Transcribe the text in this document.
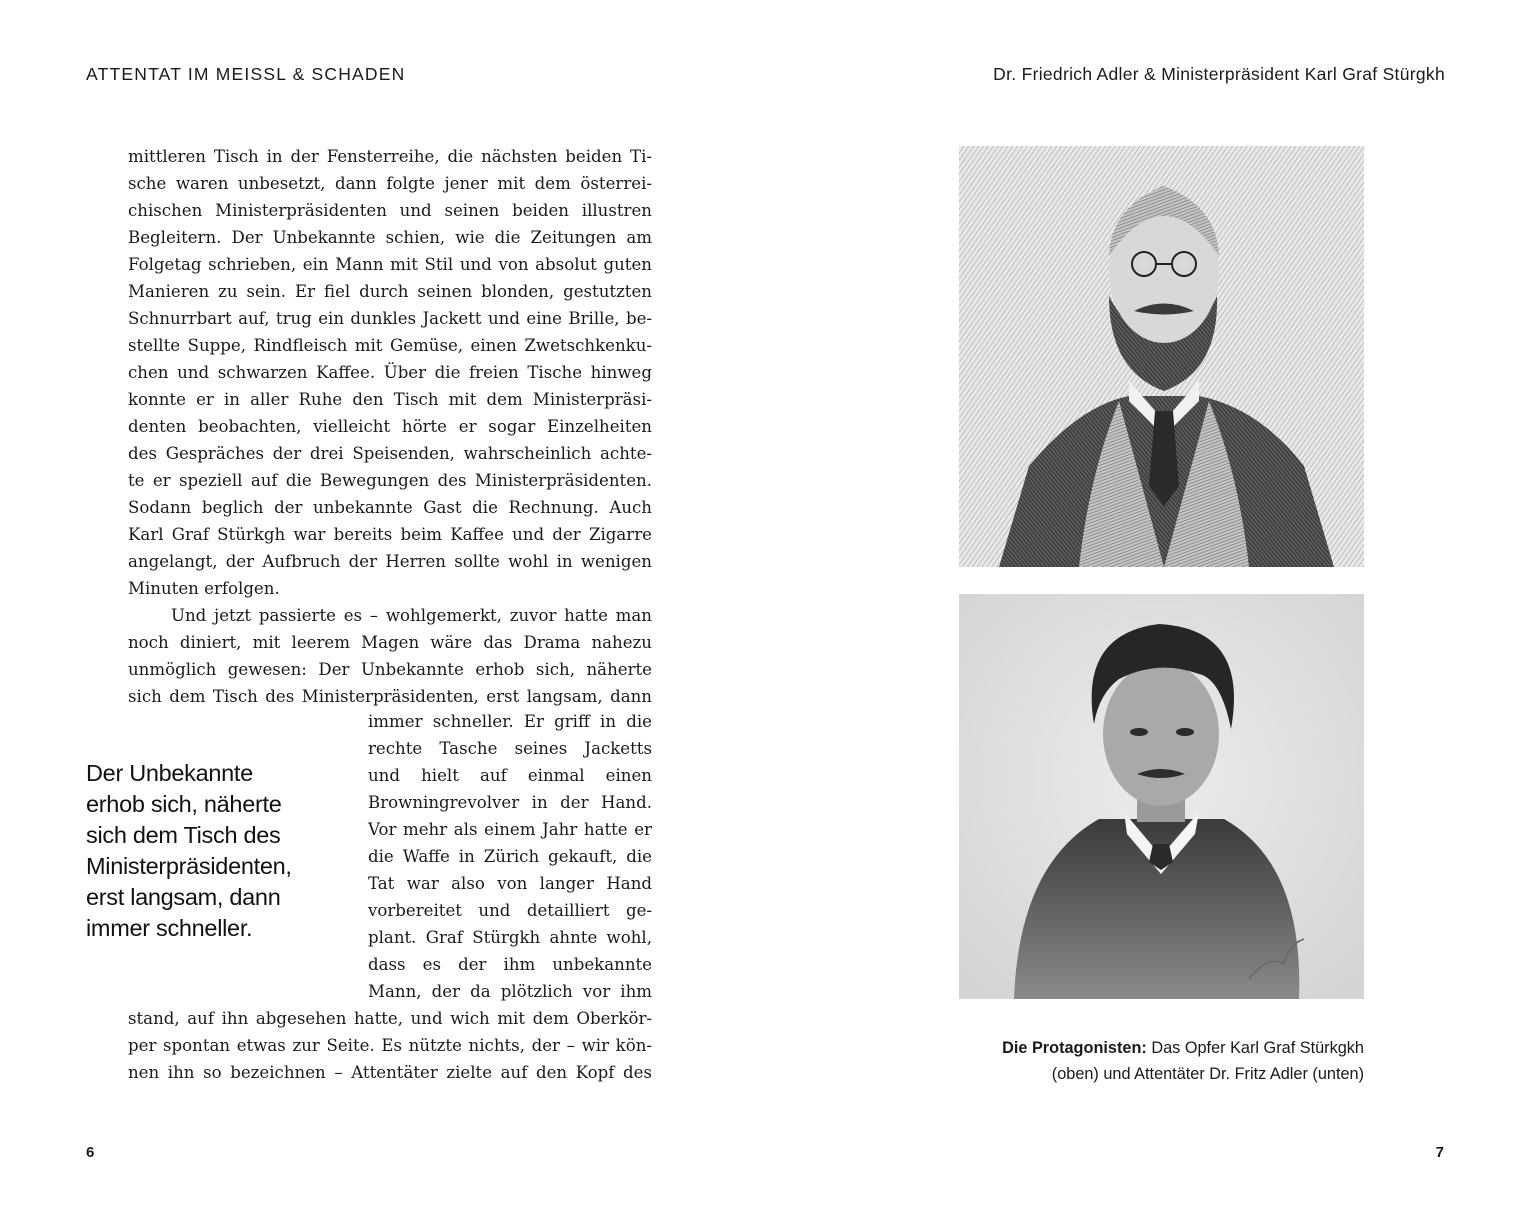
ATTENTAT IM MEISSL & SCHADEN	Dr. Friedrich Adler & Ministerpräsident Karl Graf Stürgkh
mittleren Tisch in der Fensterreihe, die nächsten beiden Ti-
sche waren unbesetzt, dann folgte jener mit dem österrei-
chischen Ministerpräsidenten und seinen beiden illustren
Begleitern. Der Unbekannte schien, wie die Zeitungen am
Folgetag schrieben, ein Mann mit Stil und von absolut guten
Manieren zu sein. Er fiel durch seinen blonden, gestutzten
Schnurrbart auf, trug ein dunkles Jackett und eine Brille, be-
stellte Suppe, Rindfleisch mit Gemüse, einen Zwetschkenku-
chen und schwarzen Kaffee. Über die freien Tische hinweg
konnte er in aller Ruhe den Tisch mit dem Ministerpräsi-
denten beobachten, vielleicht hörte er sogar Einzelheiten
des Gespräches der drei Speisenden, wahrscheinlich achte-
te er speziell auf die Bewegungen des Ministerpräsidenten.
Sodann beglich der unbekannte Gast die Rechnung. Auch
Karl Graf Stürkgh war bereits beim Kaffee und der Zigarre
angelangt, der Aufbruch der Herren sollte wohl in wenigen
Minuten erfolgen.
Und jetzt passierte es – wohlgemerkt, zuvor hatte man
noch diniert, mit leerem Magen wäre das Drama nahezu
unmöglich gewesen: Der Unbekannte erhob sich, näherte
sich dem Tisch des Ministerpräsidenten, erst langsam, dann
immer schneller. Er griff in die
rechte Tasche seines Jacketts
und hielt auf einmal einen
Browningrevolver in der Hand.
Vor mehr als einem Jahr hatte er
die Waffe in Zürich gekauft, die
Tat war also von langer Hand
vorbereitet und detailliert ge-
plant. Graf Stürgkh ahnte wohl,
dass es der ihm unbekannte
Mann, der da plötzlich vor ihm
stand, auf ihn abgesehen hatte, und wich mit dem Oberkör-
per spontan etwas zur Seite. Es nützte nichts, der – wir kön-
nen ihn so bezeichnen – Attentäter zielte auf den Kopf des
Der Unbekannte
erhob sich, näherte
sich dem Tisch des
Ministerpräsidenten,
erst langsam, dann
immer schneller.
Die Protagonisten: Das Opfer Karl Graf Stürkgkh
(oben) und Attentäter Dr. Fritz Adler (unten)
6	7
